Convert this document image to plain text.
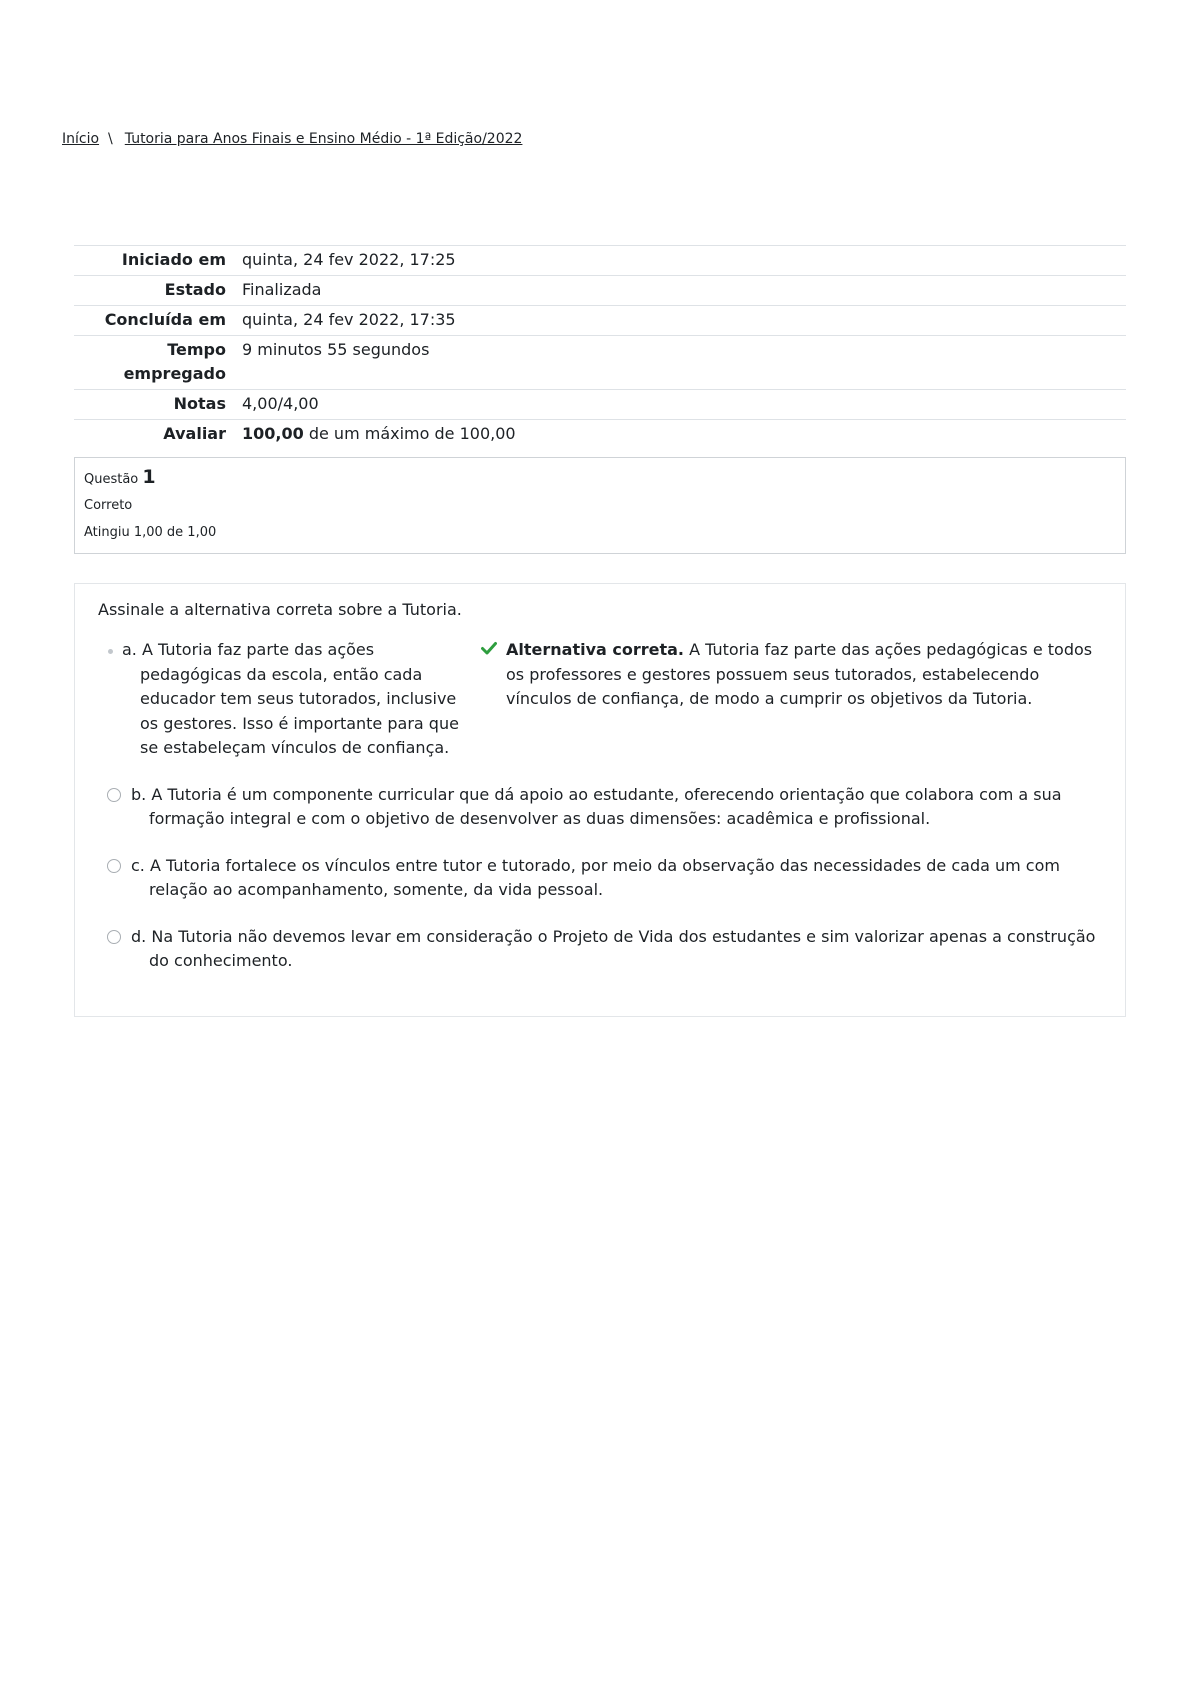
Início \ Tutoria para Anos Finais e Ensino Médio - 1ª Edição/2022
Iniciado em	quinta, 24 fev 2022, 17:25
Estado	Finalizada
Concluída em	quinta, 24 fev 2022, 17:35
Tempo empregado	9 minutos 55 segundos
Notas	4,00/4,00
Avaliar	100,00 de um máximo de 100,00
Questão 1
Correto
Atingiu 1,00 de 1,00
Assinale a alternativa correta sobre a Tutoria.
a. A Tutoria faz parte das ações pedagógicas da escola, então cada educador tem seus tutorados, inclusive os gestores. Isso é importante para que se estabeleçam vínculos de confiança.
Alternativa correta. A Tutoria faz parte das ações pedagógicas e todos os professores e gestores possuem seus tutorados, estabelecendo vínculos de confiança, de modo a cumprir os objetivos da Tutoria.
b. A Tutoria é um componente curricular que dá apoio ao estudante, oferecendo orientação que colabora com a sua formação integral e com o objetivo de desenvolver as duas dimensões: acadêmica e profissional.
c. A Tutoria fortalece os vínculos entre tutor e tutorado, por meio da observação das necessidades de cada um com relação ao acompanhamento, somente, da vida pessoal.
d. Na Tutoria não devemos levar em consideração o Projeto de Vida dos estudantes e sim valorizar apenas a construção do conhecimento.
